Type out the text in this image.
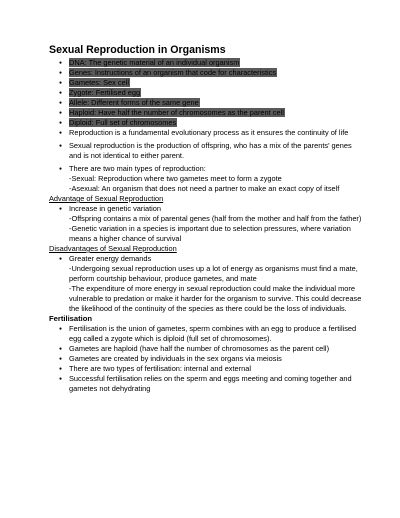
Sexual Reproduction in Organisms
● DNA: The genetic material of an individual organism
● Genes: Instructions of an organism that code for characteristics
● Gametes: Sex cell
● Zygote: Fertilised egg
● Allele: Different forms of the same gene
● Haploid: Have half the number of chromosomes as the parent cell
● Diploid: Full set of chromosomes
● Reproduction is a fundamental evolutionary process as it ensures the continuity of life
● Sexual reproduction is the production of offspring, who has a mix of the parents' genes and is not identical to either parent.
● There are two main types of reproduction:
-Sexual: Reproduction where two gametes meet to form a zygote
-Asexual: An organism that does not need a partner to make an exact copy of itself
Advantage of Sexual Reproduction
● Increase in genetic variation
-Offspring contains a mix of parental genes (half from the mother and half from the father)
-Genetic variation in a species is important due to selection pressures, where variation means a higher chance of survival
Disadvantages of Sexual Reproduction
● Greater energy demands
-Undergoing sexual reproduction uses up a lot of energy as organisms must find a mate, perform courtship behaviour, produce gametes, and mate
-The expenditure of more energy in sexual reproduction could make the individual more vulnerable to predation or make it harder for the organism to survive. This could decrease the likelihood of the continuity of the species as there could be the loss of individuals.
Fertilisation
● Fertilisation is the union of gametes, sperm combines with an egg to produce a fertilised egg called a zygote which is diploid (full set of chromosomes).
● Gametes are haploid (have half the number of chromosomes as the parent cell)
● Gametes are created by individuals in the sex organs via meiosis
● There are two types of fertilisation: internal and external
● Successful fertilisation relies on the sperm and eggs meeting and coming together and gametes not dehydrating
